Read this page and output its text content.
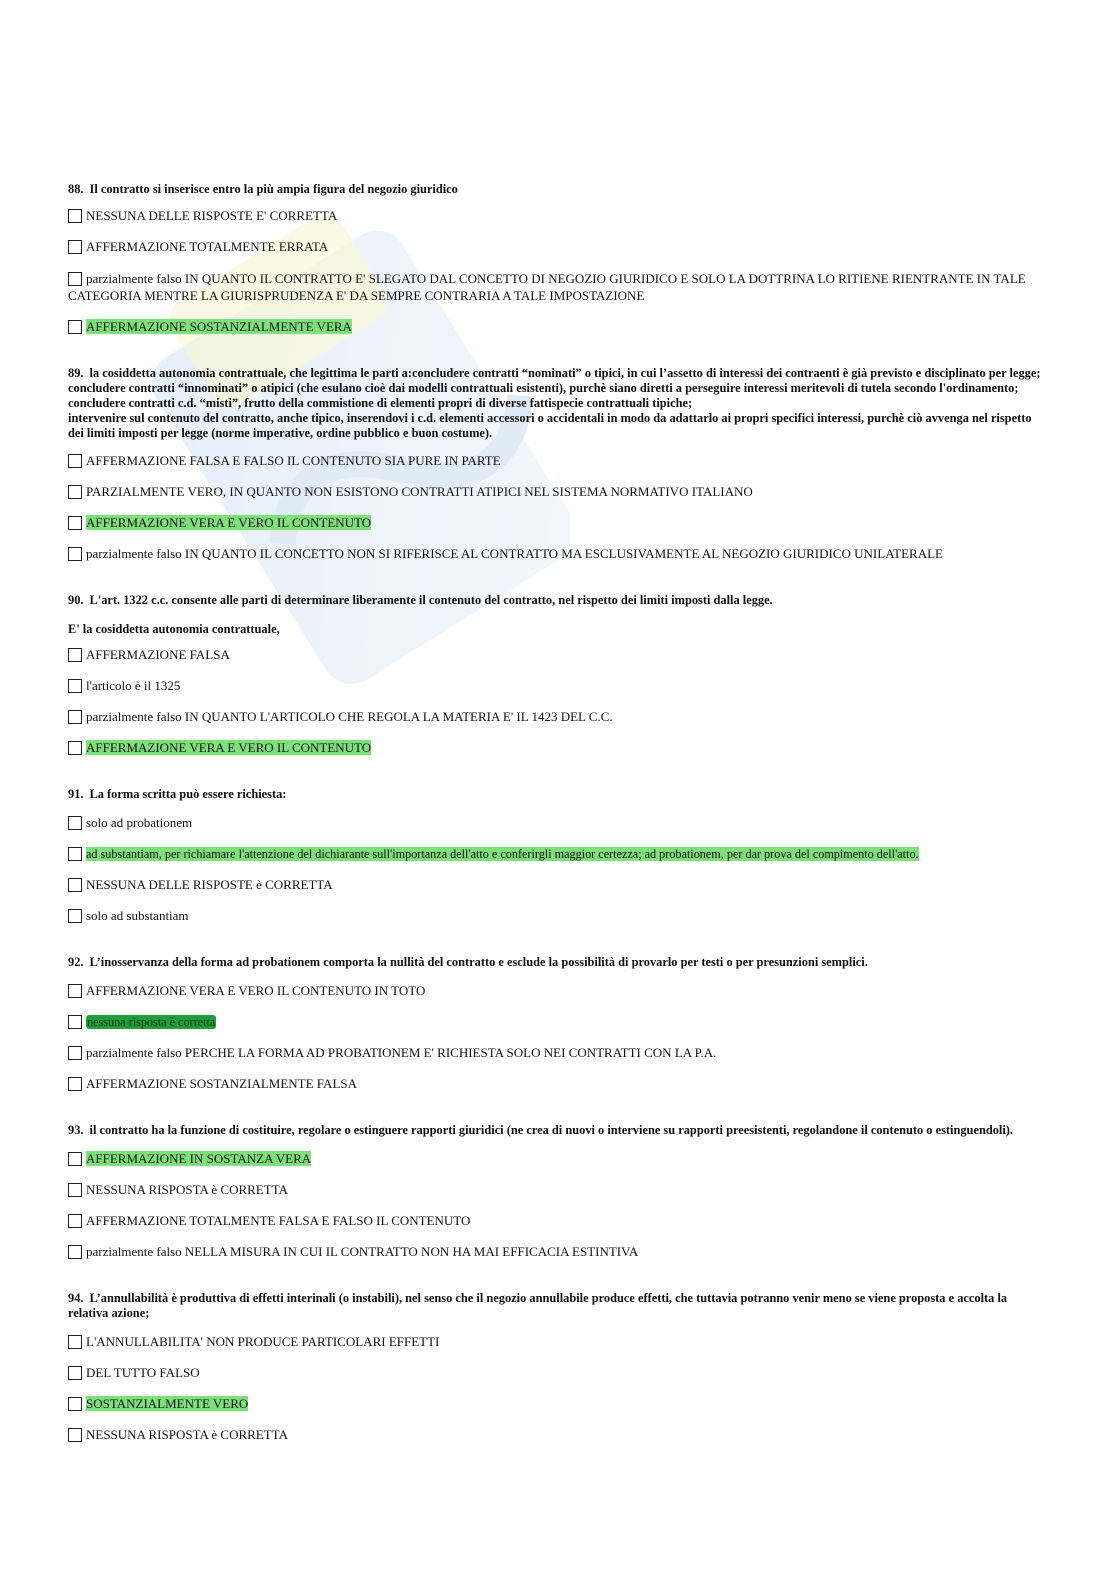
88. Il contratto si inserisce entro la più ampia figura del negozio giuridico
NESSUNA DELLE RISPOSTE E' CORRETTA
AFFERMAZIONE TOTALMENTE ERRATA
parzialmente falso IN QUANTO IL CONTRATTO E' SLEGATO DAL CONCETTO DI NEGOZIO GIURIDICO E SOLO LA DOTTRINA LO RITIENE RIENTRANTE IN TALE CATEGORIA MENTRE LA GIURISPRUDENZA E' DA SEMPRE CONTRARIA A TALE IMPOSTAZIONE
AFFERMAZIONE SOSTANZIALMENTE VERA
89. la cosiddetta autonomia contrattuale, che legittima le parti a:concludere contratti “nominati” o tipici, in cui l’assetto di interessi dei contraenti è già previsto e disciplinato per legge; concludere contratti “innominati” o atipici (che esulano cioè dai modelli contrattuali esistenti), purchè siano diretti a perseguire interessi meritevoli di tutela secondo l'ordinamento;
concludere contratti c.d. “misti”, frutto della commistione di elementi propri di diverse fattispecie contrattuali tipiche;
intervenire sul contenuto del contratto, anche tipico, inserendovi i c.d. elementi accessori o accidentali in modo da adattarlo ai propri specifici interessi, purchè ciò avvenga nel rispetto dei limiti imposti per legge (norme imperative, ordine pubblico e buon costume).
AFFERMAZIONE FALSA E FALSO IL CONTENUTO SIA PURE IN PARTE
PARZIALMENTE VERO, IN QUANTO NON ESISTONO CONTRATTI ATIPICI NEL SISTEMA NORMATIVO ITALIANO
AFFERMAZIONE VERA E VERO IL CONTENUTO
parzialmente falso IN QUANTO IL CONCETTO NON SI RIFERISCE AL CONTRATTO MA ESCLUSIVAMENTE AL NEGOZIO GIURIDICO UNILATERALE
90. L'art. 1322 c.c. consente alle parti di determinare liberamente il contenuto del contratto, nel rispetto dei limiti imposti dalla legge.
E' la cosiddetta autonomia contrattuale,
AFFERMAZIONE FALSA
l'articolo è il 1325
parzialmente falso IN QUANTO L'ARTICOLO CHE REGOLA LA MATERIA E' IL 1423 DEL C.C.
AFFERMAZIONE VERA E VERO IL CONTENUTO
91. La forma scritta può essere richiesta:
solo ad probationem
ad substantiam, per richiamare l'attenzione del dichiarante sull'importanza dell'atto e conferirgli maggior certezza; ad probationem, per dar prova del compimento dell'atto.
NESSUNA DELLE RISPOSTE è CORRETTA
solo ad substantiam
92. L’inosservanza della forma ad probationem comporta la nullità del contratto e esclude la possibilità di provarlo per testi o per presunzioni semplici.
AFFERMAZIONE VERA E VERO IL CONTENUTO IN TOTO
nessuna risposta è corretta
parzialmente falso PERCHE LA FORMA AD PROBATIONEM E' RICHIESTA SOLO NEI CONTRATTI CON LA P.A.
AFFERMAZIONE SOSTANZIALMENTE FALSA
93. il contratto ha la funzione di costituire, regolare o estinguere rapporti giuridici (ne crea di nuovi o interviene su rapporti preesistenti, regolandone il contenuto o estinguendoli).
AFFERMAZIONE IN SOSTANZA VERA
NESSUNA RISPOSTA è CORRETTA
AFFERMAZIONE TOTALMENTE FALSA E FALSO IL CONTENUTO
parzialmente falso NELLA MISURA IN CUI IL CONTRATTO NON HA MAI EFFICACIA ESTINTIVA
94. L’annullabilità è produttiva di effetti interinali (o instabili), nel senso che il negozio annullabile produce effetti, che tuttavia potranno venir meno se viene proposta e accolta la relativa azione;
L'ANNULLABILITA' NON PRODUCE PARTICOLARI EFFETTI
DEL TUTTO FALSO
SOSTANZIALMENTE VERO
NESSUNA RISPOSTA è CORRETTA
